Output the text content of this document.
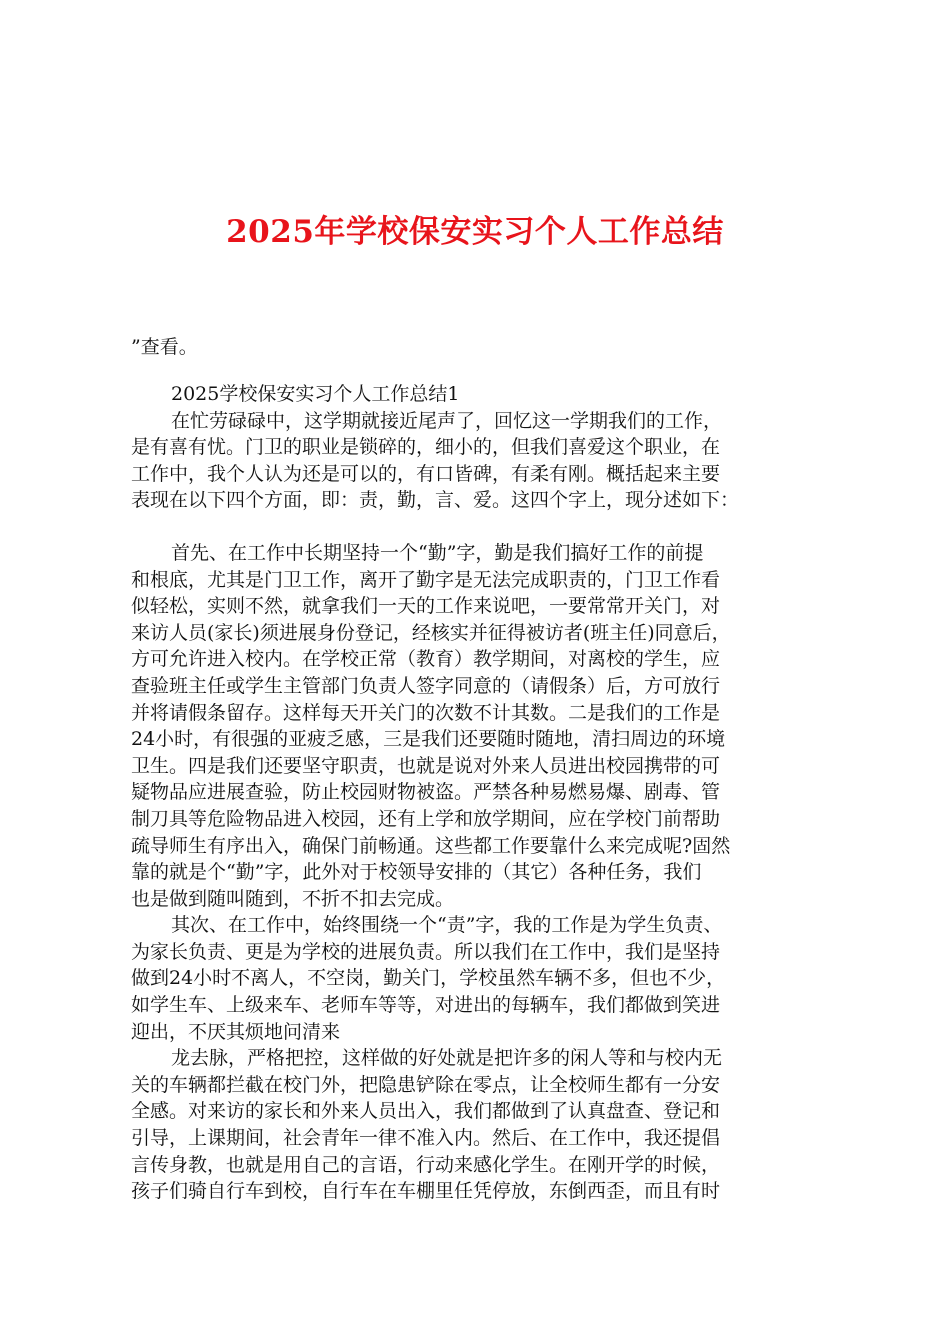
2025年学校保安实习个人工作总结
”查看。
2025学校保安实习个人工作总结1
在忙劳碌碌中，这学期就接近尾声了，回忆这一学期我们的工作，
是有喜有忧。门卫的职业是锁碎的，细小的，但我们喜爱这个职业，在
工作中，我个人认为还是可以的，有口皆碑，有柔有刚。概括起来主要
表现在以下四个方面，即：责，勤，言、爱。这四个字上，现分述如下：
首先、在工作中长期坚持一个“勤”字，勤是我们搞好工作的前提
和根底，尤其是门卫工作，离开了勤字是无法完成职责的，门卫工作看
似轻松，实则不然，就拿我们一天的工作来说吧，一要常常开关门，对
来访人员(家长)须进展身份登记，经核实并征得被访者(班主任)同意后，
方可允许进入校内。在学校正常（教育）教学期间，对离校的学生，应
查验班主任或学生主管部门负责人签字同意的（请假条）后，方可放行
并将请假条留存。这样每天开关门的次数不计其数。二是我们的工作是
24小时，有很强的亚疲乏感，三是我们还要随时随地，清扫周边的环境
卫生。四是我们还要坚守职责，也就是说对外来人员进出校园携带的可
疑物品应进展查验，防止校园财物被盗。严禁各种易燃易爆、剧毒、管
制刀具等危险物品进入校园，还有上学和放学期间，应在学校门前帮助
疏导师生有序出入，确保门前畅通。这些都工作要靠什么来完成呢?固然
靠的就是个“勤”字，此外对于校领导安排的（其它）各种任务，我们
也是做到随叫随到，不折不扣去完成。
其次、在工作中，始终围绕一个“责”字，我的工作是为学生负责、
为家长负责、更是为学校的进展负责。所以我们在工作中，我们是坚持
做到24小时不离人，不空岗，勤关门，学校虽然车辆不多，但也不少，
如学生车、上级来车、老师车等等，对进出的每辆车，我们都做到笑进
迎出，不厌其烦地问清来
龙去脉，严格把控，这样做的好处就是把许多的闲人等和与校内无
关的车辆都拦截在校门外，把隐患铲除在零点，让全校师生都有一分安
全感。对来访的家长和外来人员出入，我们都做到了认真盘查、登记和
引导，上课期间，社会青年一律不准入内。然后、在工作中，我还提倡
言传身教，也就是用自己的言语，行动来感化学生。在刚开学的时候，
孩子们骑自行车到校，自行车在车棚里任凭停放，东倒西歪，而且有时
